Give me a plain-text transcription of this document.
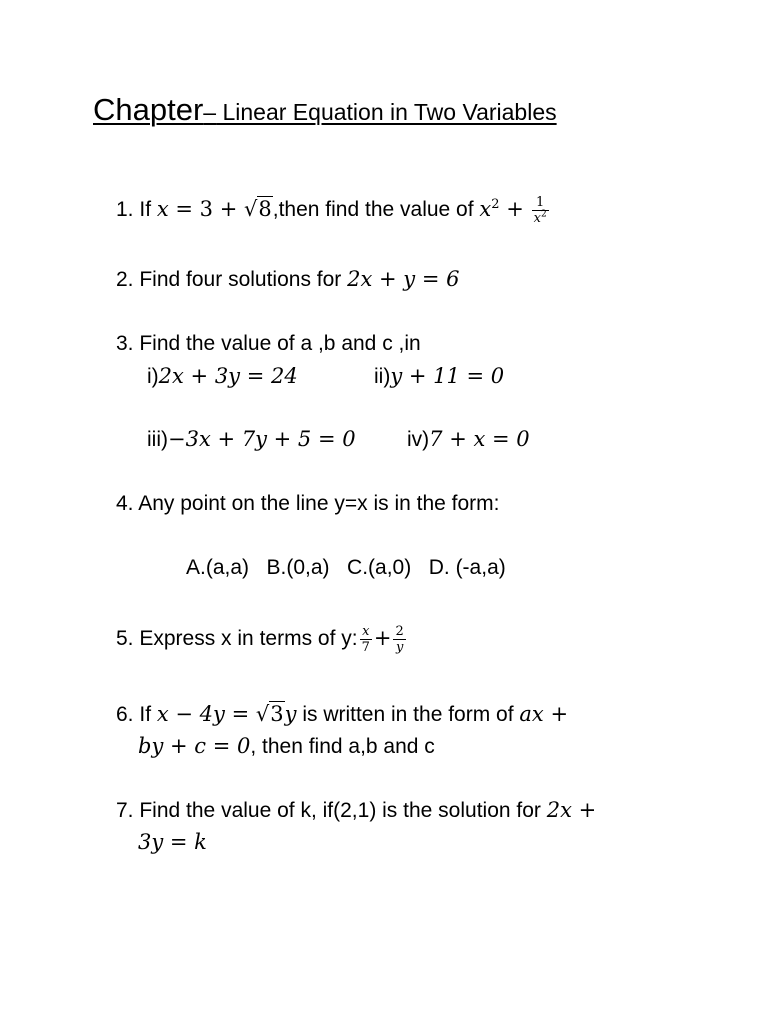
Chapter– Linear Equation in Two Variables
1. If x = 3 + √8,then find the value of $x^2 + \frac{1}{x^2}$
2. Find four solutions for 2x + y = 6
3. Find the value of a ,b and c ,in
i)2x + 3y = 24	ii)y + 11 = 0
iii)−3x + 7y + 5 = 0 iv)7 + x = 0
4. Any point on the line y=x is in the form:
A.(a,a)   B.(0,a)   C.(a,0)   D. (-a,a)
5. Express x in terms of y: $\frac{x}{7} + \frac{2}{y}$
6. If x − 4y = √3y is written in the form of ax +
by + c = 0, then find a,b and c
7. Find the value of k, if(2,1) is the solution for 2x +
3y = k
